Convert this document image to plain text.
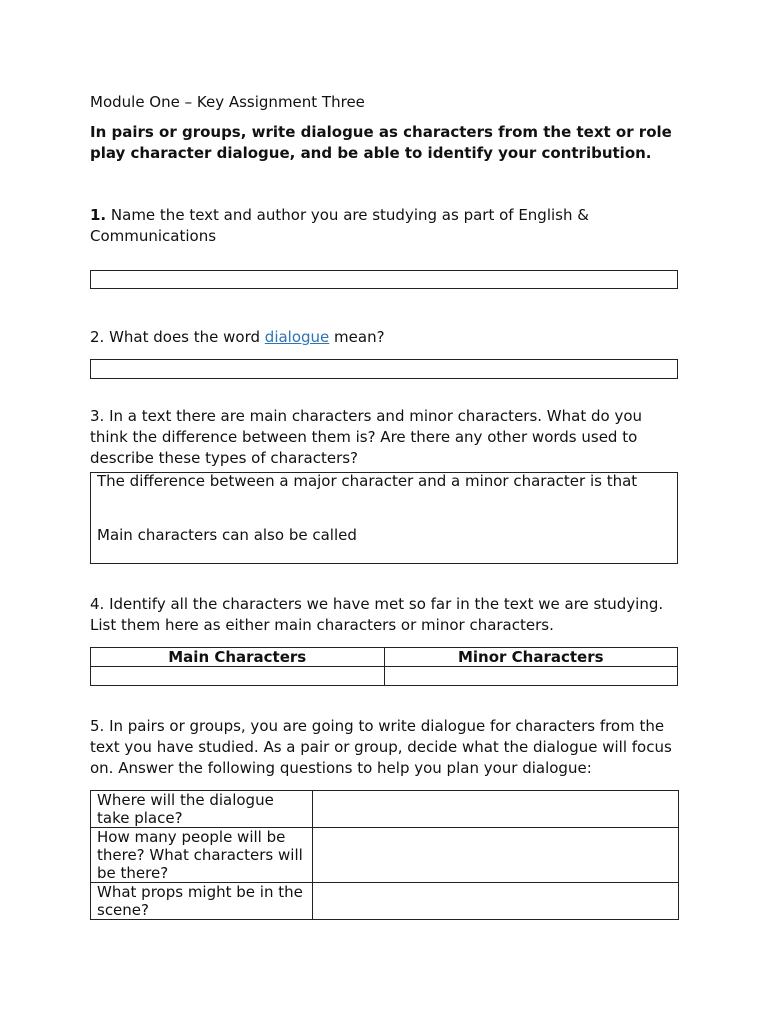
Module One – Key Assignment Three

In pairs or groups, write dialogue as characters from the text or role play character dialogue, and be able to identify your contribution.

1. Name the text and author you are studying as part of English & Communications

2. What does the word dialogue mean?

3. In a text there are main characters and minor characters. What do you think the difference between them is? Are there any other words used to describe these types of characters?

The difference between a major character and a minor character is that
Main characters can also be called

4. Identify all the characters we have met so far in the text we are studying. List them here as either main characters or minor characters.

Main Characters	Minor Characters

5. In pairs or groups, you are going to write dialogue for characters from the text you have studied. As a pair or group, decide what the dialogue will focus on. Answer the following questions to help you plan your dialogue:

Where will the dialogue take place?	
How many people will be there? What characters will be there?	
What props might be in the scene?	
